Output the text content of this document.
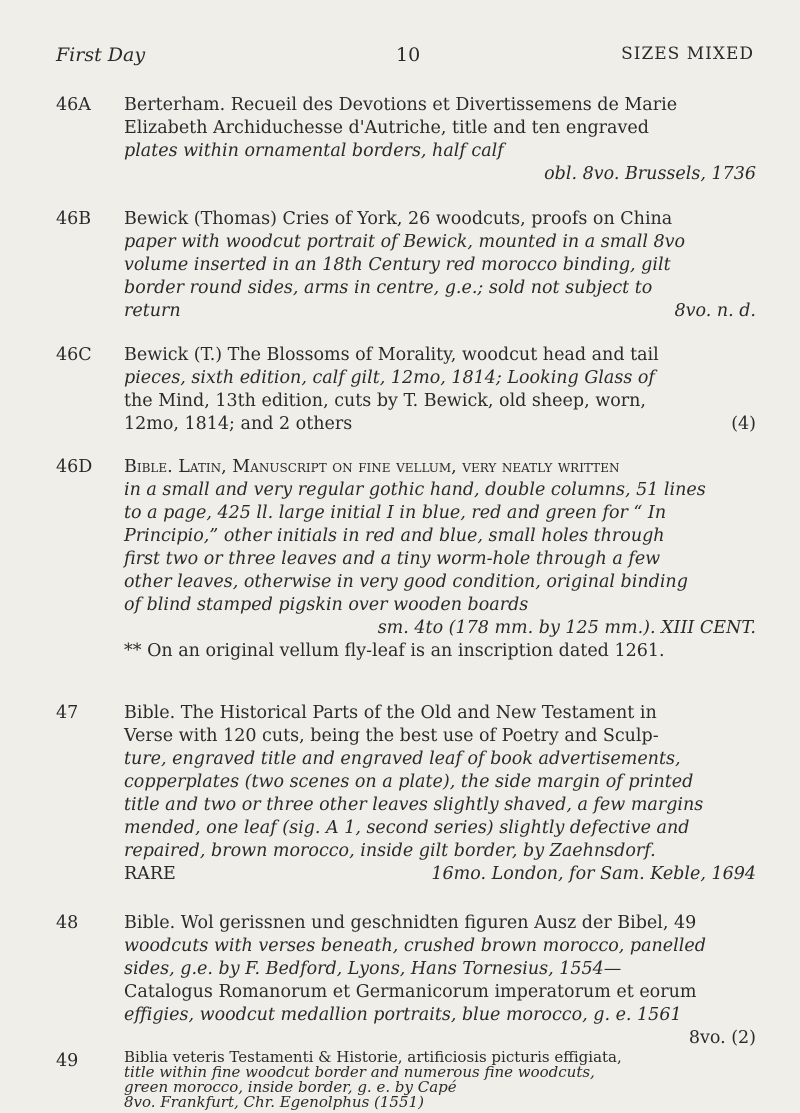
First Day	10	SIZES MIXED
46A	Berterham. Recueil des Devotions et Divertissemens de Marie

Elizabeth Archiduchesse d'Autriche, title and ten engraved

plates within ornamental borders, half calf

obl. 8vo. Brussels, 1736

46B	Bewick (Thomas) Cries of York, 26 woodcuts, proofs on China

paper with woodcut portrait of Bewick, mounted in a small 8vo

volume inserted in an 18th Century red morocco binding, gilt

border round sides, arms in centre, g.e.; sold not subject to

return	8vo. n. d.

46C	Bewick (T.) The Blossoms of Morality, woodcut head and tail

pieces, sixth edition, calf gilt, 12mo, 1814; Looking Glass of

the Mind, 13th edition, cuts by T. Bewick, old sheep, worn,

12mo, 1814; and 2 others	(4)

46D	Bible. Latin, Manuscript on fine vellum, very neatly written

in a small and very regular gothic hand, double columns, 51 lines

to a page, 425 ll. large initial I in blue, red and green for “ In

Principio,” other initials in red and blue, small holes through

first two or three leaves and a tiny worm-hole through a few

other leaves, otherwise in very good condition, original binding

of blind stamped pigskin over wooden boards

sm. 4to (178 mm. by 125 mm.). XIII CENT.

** On an original vellum fly-leaf is an inscription dated 1261.

47	Bible. The Historical Parts of the Old and New Testament in

Verse with 120 cuts, being the best use of Poetry and Sculp-

ture, engraved title and engraved leaf of book advertisements,

copperplates (two scenes on a plate), the side margin of printed

title and two or three other leaves slightly shaved, a few margins

mended, one leaf (sig. A 1, second series) slightly defective and

repaired, brown morocco, inside gilt border, by Zaehnsdorf.

RARE	16mo. London, for Sam. Keble, 1694

48	Bible. Wol gerissnen und geschnidten figuren Ausz der Bibel, 49

woodcuts with verses beneath, crushed brown morocco, panelled

sides, g.e. by F. Bedford, Lyons, Hans Tornesius, 1554—

Catalogus Romanorum et Germanicorum imperatorum et eorum

effigies, woodcut medallion portraits, blue morocco, g. e. 1561

8vo. (2)

49	Biblia veteris Testamenti & Historie, artificiosis picturis effigiata,

title within fine woodcut border and numerous fine woodcuts,

green morocco, inside border, g. e. by Capé

8vo. Frankfurt, Chr. Egenolphus (1551)
